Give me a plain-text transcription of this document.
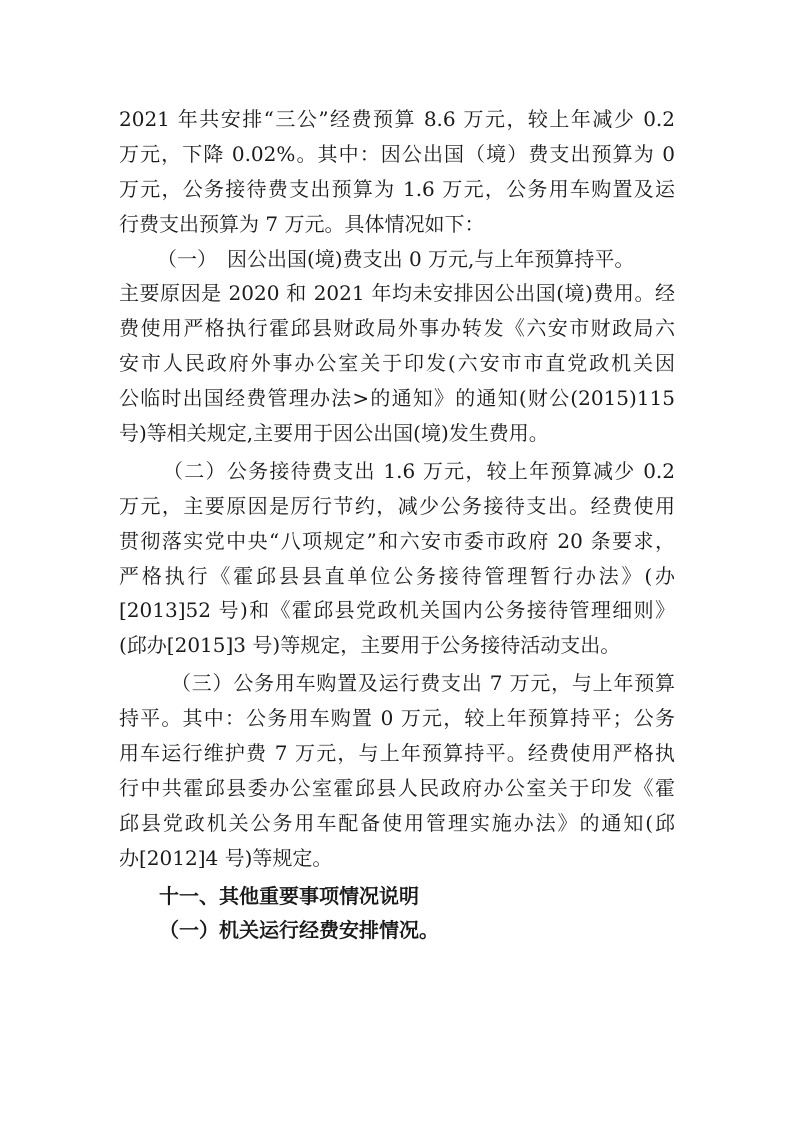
2021 年共安排“三公”经费预算 8.6 万元，较上年减少 0.2
万元，下降 0.02%。其中：因公出国（境）费支出预算为 0
万元，公务接待费支出预算为 1.6 万元，公务用车购置及运
行费支出预算为 7 万元。具体情况如下：
（一）　因公出国(境)费支出 0 万元,与上年预算持平。
主要原因是 2020 和 2021 年均未安排因公出国(境)费用。经
费使用严格执行霍邱县财政局外事办转发《六安市财政局六
安市人民政府外事办公室关于印发(六安市市直党政机关因
公临时出国经费管理办法>的通知》的通知(财公(2015)115
号)等相关规定,主要用于因公出国(境)发生费用。
（二）公务接待费支出 1.6 万元，较上年预算减少 0.2
万元，主要原因是厉行节约，减少公务接待支出。经费使用
贯彻落实党中央“八项规定”和六安市委市政府 20 条要求，
严格执行《霍邱县县直单位公务接待管理暂行办法》(办
[2013]52 号)和《霍邱县党政机关国内公务接待管理细则》
(邱办[2015]3 号)等规定，主要用于公务接待活动支出。
（三）公务用车购置及运行费支出 7 万元，与上年预算
持平。其中：公务用车购置 0 万元，较上年预算持平；公务
用车运行维护费 7 万元，与上年预算持平。经费使用严格执
行中共霍邱县委办公室霍邱县人民政府办公室关于印发《霍
邱县党政机关公务用车配备使用管理实施办法》的通知(邱
办[2012]4 号)等规定。
十一、其他重要事项情况说明
（一）机关运行经费安排情况。
